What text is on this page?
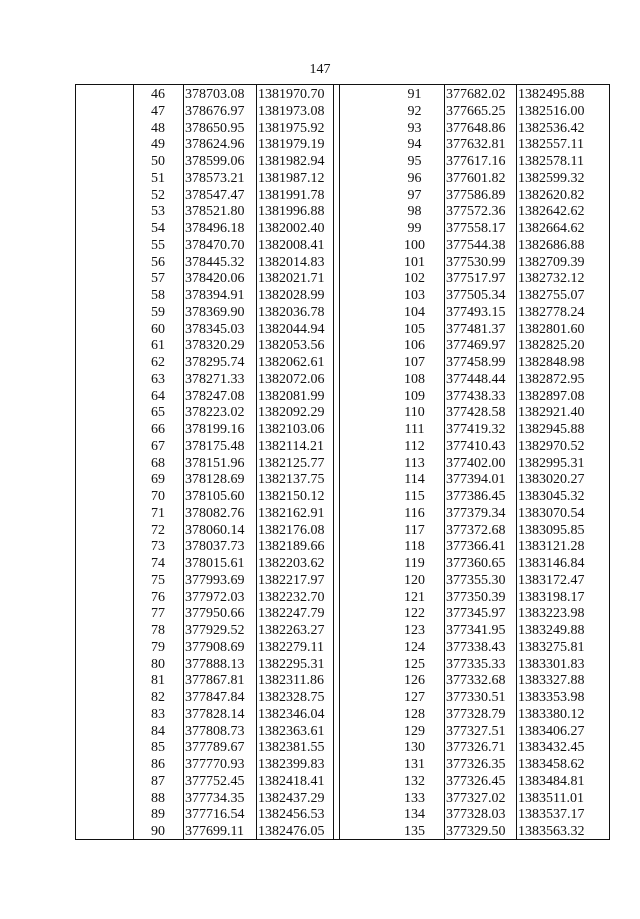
147
46	378703.08 1381970.70
47	378676.97 1381973.08
48	378650.95 1381975.92
49	378624.96 1381979.19
50	378599.06 1381982.94
51	378573.21 1381987.12
52	378547.47 1381991.78
53	378521.80 1381996.88
54	378496.18 1382002.40
55	378470.70 1382008.41
56	378445.32 1382014.83
57	378420.06 1382021.71
58	378394.91 1382028.99
59	378369.90 1382036.78
60	378345.03 1382044.94
61	378320.29 1382053.56
62	378295.74 1382062.61
63	378271.33 1382072.06
64	378247.08 1382081.99
65	378223.02 1382092.29
66	378199.16 1382103.06
67	378175.48 1382114.21
68	378151.96 1382125.77
69	378128.69 1382137.75
70	378105.60 1382150.12
71	378082.76 1382162.91
72	378060.14 1382176.08
73	378037.73 1382189.66
74	378015.61 1382203.62
75	377993.69 1382217.97
76	377972.03 1382232.70
77	377950.66 1382247.79
78	377929.52 1382263.27
79	377908.69 1382279.11
80	377888.13 1382295.31
81	377867.81 1382311.86
82	377847.84 1382328.75
83	377828.14 1382346.04
84	377808.73 1382363.61
85	377789.67 1382381.55
86	377770.93 1382399.83
87	377752.45 1382418.41
88	377734.35 1382437.29
89	377716.54 1382456.53
90	377699.11	1382476.05
91	377682.02 1382495.88
92	377665.25 1382516.00
93	377648.86 1382536.42
94	377632.81 1382557.11
95	377617.16 1382578.11
96	377601.82 1382599.32
97	377586.89 1382620.82
98	377572.36 1382642.62
99	377558.17 1382664.62
100	377544.38 1382686.88
101	377530.99 1382709.39
102	377517.97 1382732.12
103	377505.34 1382755.07
104	377493.15 1382778.24
105	377481.37 1382801.60
106	377469.97 1382825.20
107	377458.99 1382848.98
108	377448.44 1382872.95
109	377438.33 1382897.08
110	377428.58 1382921.40
111	377419.32 1382945.88
112	377410.43 1382970.52
113	377402.00 1382995.31
114	377394.01 1383020.27
115	377386.45 1383045.32
116	377379.34 1383070.54
117	377372.68 1383095.85
118	377366.41 1383121.28
119	377360.65 1383146.84
120	377355.30 1383172.47
121	377350.39 1383198.17
122	377345.97 1383223.98
123	377341.95 1383249.88
124	377338.43 1383275.81
125	377335.33 1383301.83
126	377332.68 1383327.88
127	377330.51 1383353.98
128	377328.79 1383380.12
129	377327.51 1383406.27
130	377326.71 1383432.45
131	377326.35 1383458.62
132	377326.45 1383484.81
133	377327.02 1383511.01
134	377328.03 1383537.17
135	377329.50 1383563.32
